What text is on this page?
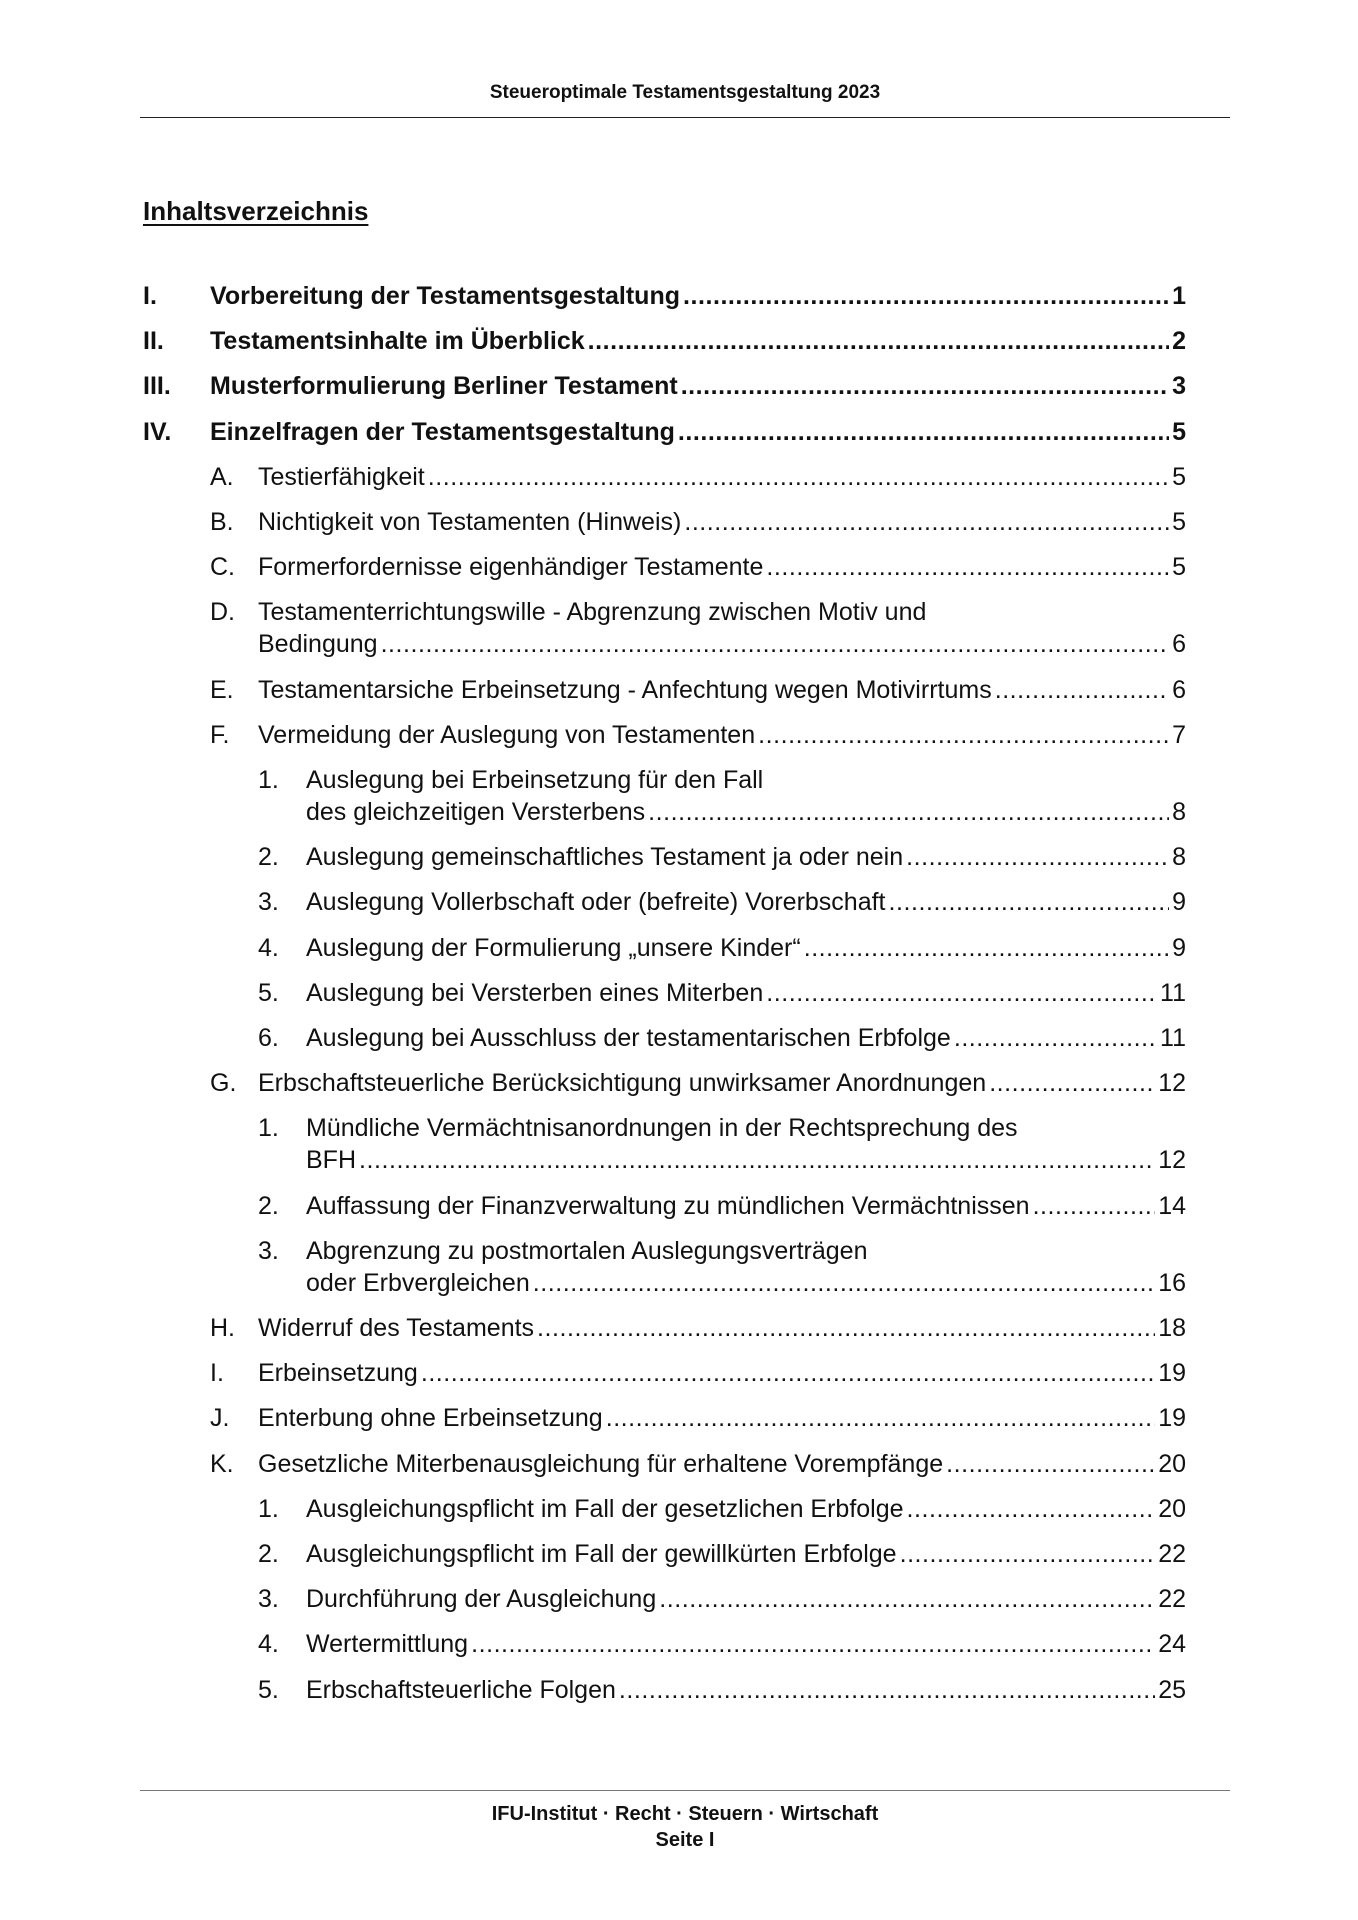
Steueroptimale Testamentsgestaltung 2023
Inhaltsverzeichnis
I. Vorbereitung der Testamentsgestaltung . . .	1
II. Testamentsinhalte im Überblick . . .	2
III. Musterformulierung Berliner Testament . . .	3
IV. Einzelfragen der Testamentsgestaltung . . .	5
A. Testierfähigkeit . . .	5
B. Nichtigkeit von Testamenten (Hinweis) . . .	5
C. Formerfordernisse eigenhändiger Testamente . . .	5
D. Testamenterrichtungswille - Abgrenzung zwischen Motiv und
Bedingung . . .	6
E. Testamentarsiche Erbeinsetzung - Anfechtung wegen Motivirrtums . . .	6
F. Vermeidung der Auslegung von Testamenten . . .	7
1. Auslegung bei Erbeinsetzung für den Fall
des gleichzeitigen Versterbens . . .	8
2. Auslegung gemeinschaftliches Testament ja oder nein . . .	8
3. Auslegung Vollerbschaft oder (befreite) Vorerbschaft . . .	9
4. Auslegung der Formulierung „unsere Kinder“ . . .	9
5. Auslegung bei Versterben eines Miterben . . .	11
6. Auslegung bei Ausschluss der testamentarischen Erbfolge . . .	11
G. Erbschaftsteuerliche Berücksichtigung unwirksamer Anordnungen . . .	12
1. Mündliche Vermächtnisanordnungen in der Rechtsprechung des
BFH . . .	12
2. Auffassung der Finanzverwaltung zu mündlichen Vermächtnissen . . .	14
3. Abgrenzung zu postmortalen Auslegungsverträgen
oder Erbvergleichen . . .	16
H. Widerruf des Testaments . . .	18
I. Erbeinsetzung . . .	19
J. Enterbung ohne Erbeinsetzung . . .	19
K. Gesetzliche Miterbenausgleichung für erhaltene Vorempfänge . . .	20
1. Ausgleichungspflicht im Fall der gesetzlichen Erbfolge . . .	20
2. Ausgleichungspflicht im Fall der gewillkürten Erbfolge . . .	22
3. Durchführung der Ausgleichung . . .	22
4. Wertermittlung . . .	24
5. Erbschaftsteuerliche Folgen . . .	25
IFU-Institut · Recht · Steuern · Wirtschaft
Seite I
